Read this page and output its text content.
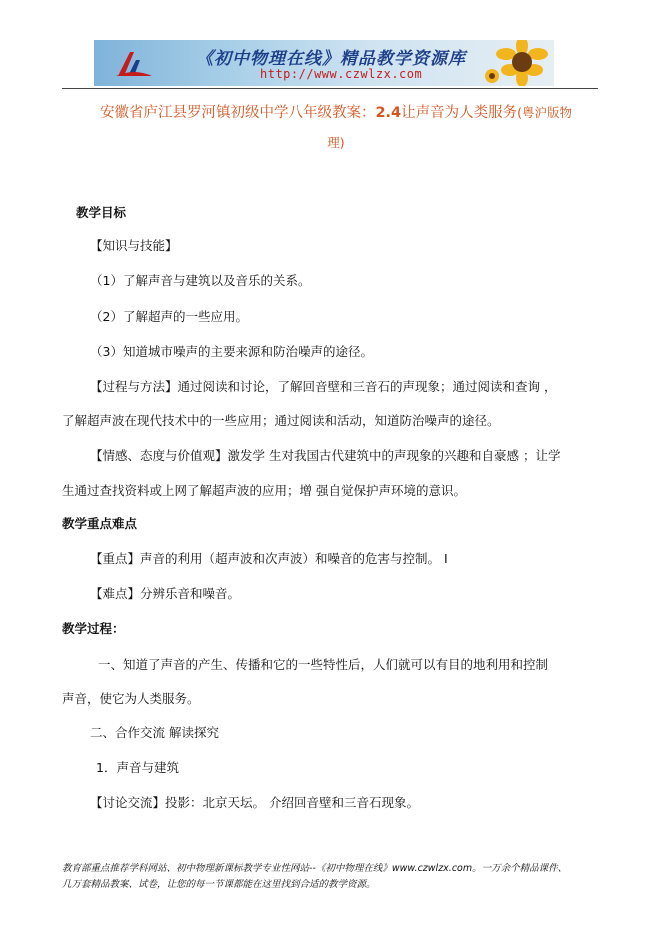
《初中物理在线》精品教学资源库
http://www.czwlzx.com
安徽省庐江县罗河镇初级中学八年级教案：2.4让声音为人类服务(粤沪版物
理)
教学目标
【知识与技能】
（1）了解声音与建筑以及音乐的关系。
（2）了解超声的一些应用。
（3）知道城市噪声的主要来源和防治噪声的途径。
【过程与方法】通过阅读和讨论，了解回音壁和三音石的声现象；通过阅读和查询 ，
了解超声波在现代技术中的一些应用；通过阅读和活动，知道防治噪声的途径。
【情感、态度与价值观】激发学 生对我国古代建筑中的声现象的兴趣和自豪感 ；让学
生通过查找资料或上网了解超声波的应用；增 强自觉保护声环境的意识。
教学重点难点
【重点】声音的利用（超声波和次声波）和噪音的危害与控制。 I
【难点】分辨乐音和噪音。
教学过程：
一、知道了声音的产生、传播和它的一些特性后，人们就可以有目的地利用和控制
声音，使它为人类服务。
二、合作交流 解读探究
1．声音与建筑
【讨论交流】投影：北京天坛。 介绍回音壁和三音石现象。
教育部重点推荐学科网站、初中物理新课标教学专业性网站--《初中物理在线》www.czwlzx.com。一万余个精品课件、
几万套精品教案、试卷，让您的每一节课都能在这里找到合适的教学资源。
